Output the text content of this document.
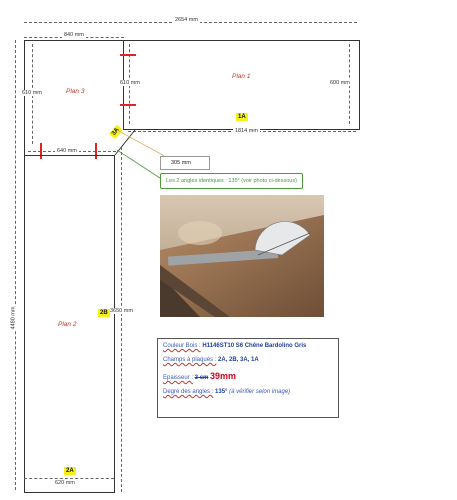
2654 mm
840 mm
Plan 1
600 mm
610 mm
1A
1814 mm
Plan 3
610 mm
3A
640 mm
Plan 2
2B
2A
4480 mm	3650 mm
620 mm
305 mm
Les 2 angles identiques : 135° (voir photo ci-dessous)
Couleur Bois : H1146ST10 S6 Chêne Bardolino Gris
Champs à plaqués : 2A, 2B, 3A, 1A
Epaisseur : 3 cm 39mm
Degré des angles : 135° (à vérifier selon image)
